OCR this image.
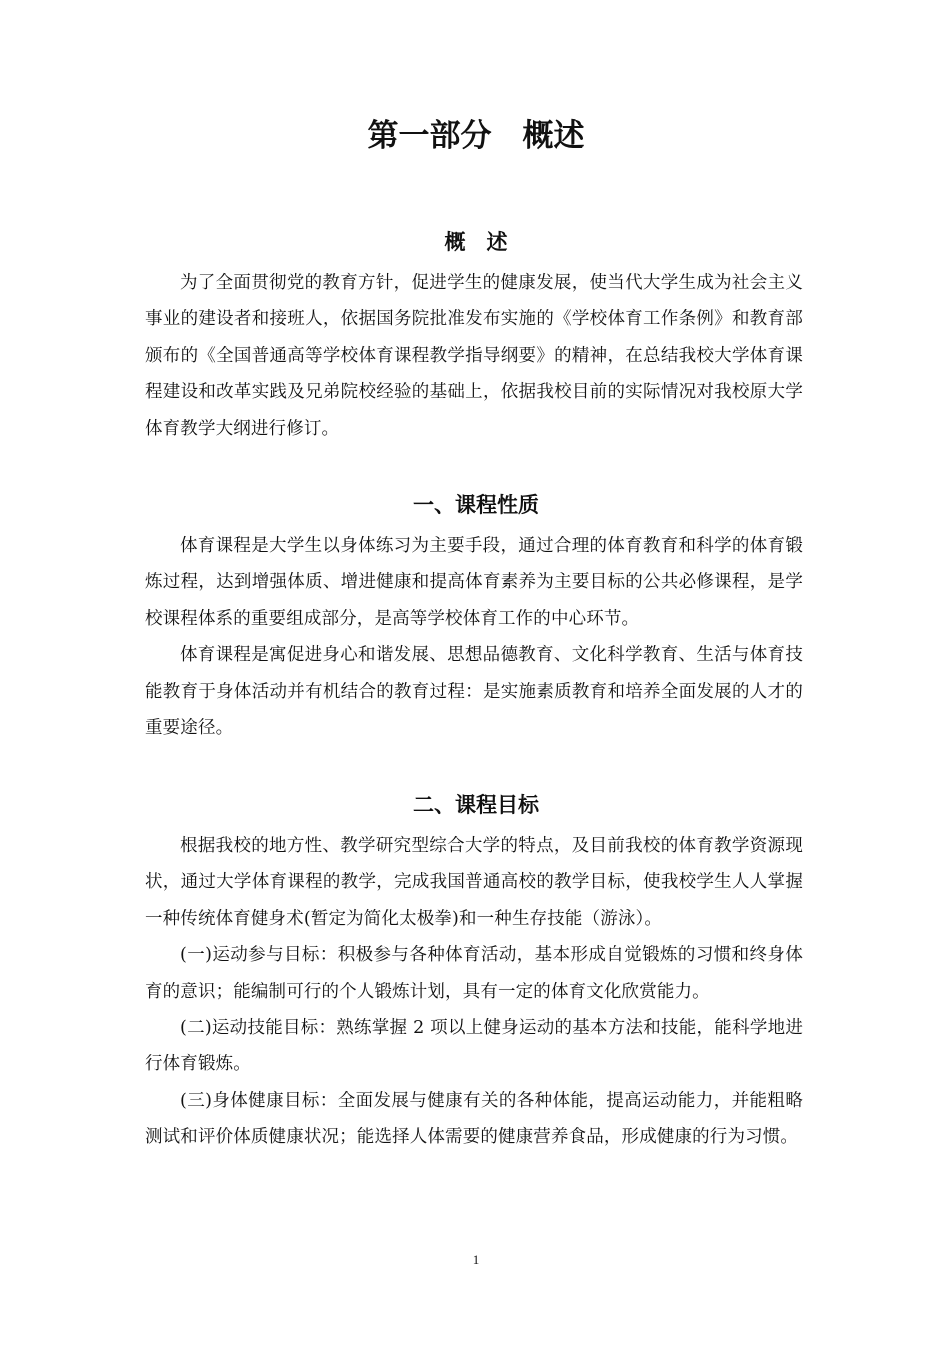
第一部分　概述
概　述

为了全面贯彻党的教育方针，促进学生的健康发展，使当代大学生成为社会主义事业的建设者和接班人，依据国务院批准发布实施的《学校体育工作条例》和教育部颁布的《全国普通高等学校体育课程教学指导纲要》的精神，在总结我校大学体育课程建设和改革实践及兄弟院校经验的基础上，依据我校目前的实际情况对我校原大学体育教学大纲进行修订。

一、课程性质

体育课程是大学生以身体练习为主要手段，通过合理的体育教育和科学的体育锻炼过程，达到增强体质、增进健康和提高体育素养为主要目标的公共必修课程，是学校课程体系的重要组成部分，是高等学校体育工作的中心环节。

体育课程是寓促进身心和谐发展、思想品德教育、文化科学教育、生活与体育技能教育于身体活动并有机结合的教育过程：是实施素质教育和培养全面发展的人才的重要途径。

二、课程目标

根据我校的地方性、教学研究型综合大学的特点，及目前我校的体育教学资源现状，通过大学体育课程的教学，完成我国普通高校的教学目标，使我校学生人人掌握一种传统体育健身术(暂定为简化太极拳)和一种生存技能（游泳）。

(一)运动参与目标：积极参与各种体育活动，基本形成自觉锻炼的习惯和终身体育的意识；能编制可行的个人锻炼计划，具有一定的体育文化欣赏能力。

(二)运动技能目标：熟练掌握 2 项以上健身运动的基本方法和技能，能科学地进行体育锻炼。

(三)身体健康目标：全面发展与健康有关的各种体能，提高运动能力，并能粗略测试和评价体质健康状况；能选择人体需要的健康营养食品，形成健康的行为习惯。

1
